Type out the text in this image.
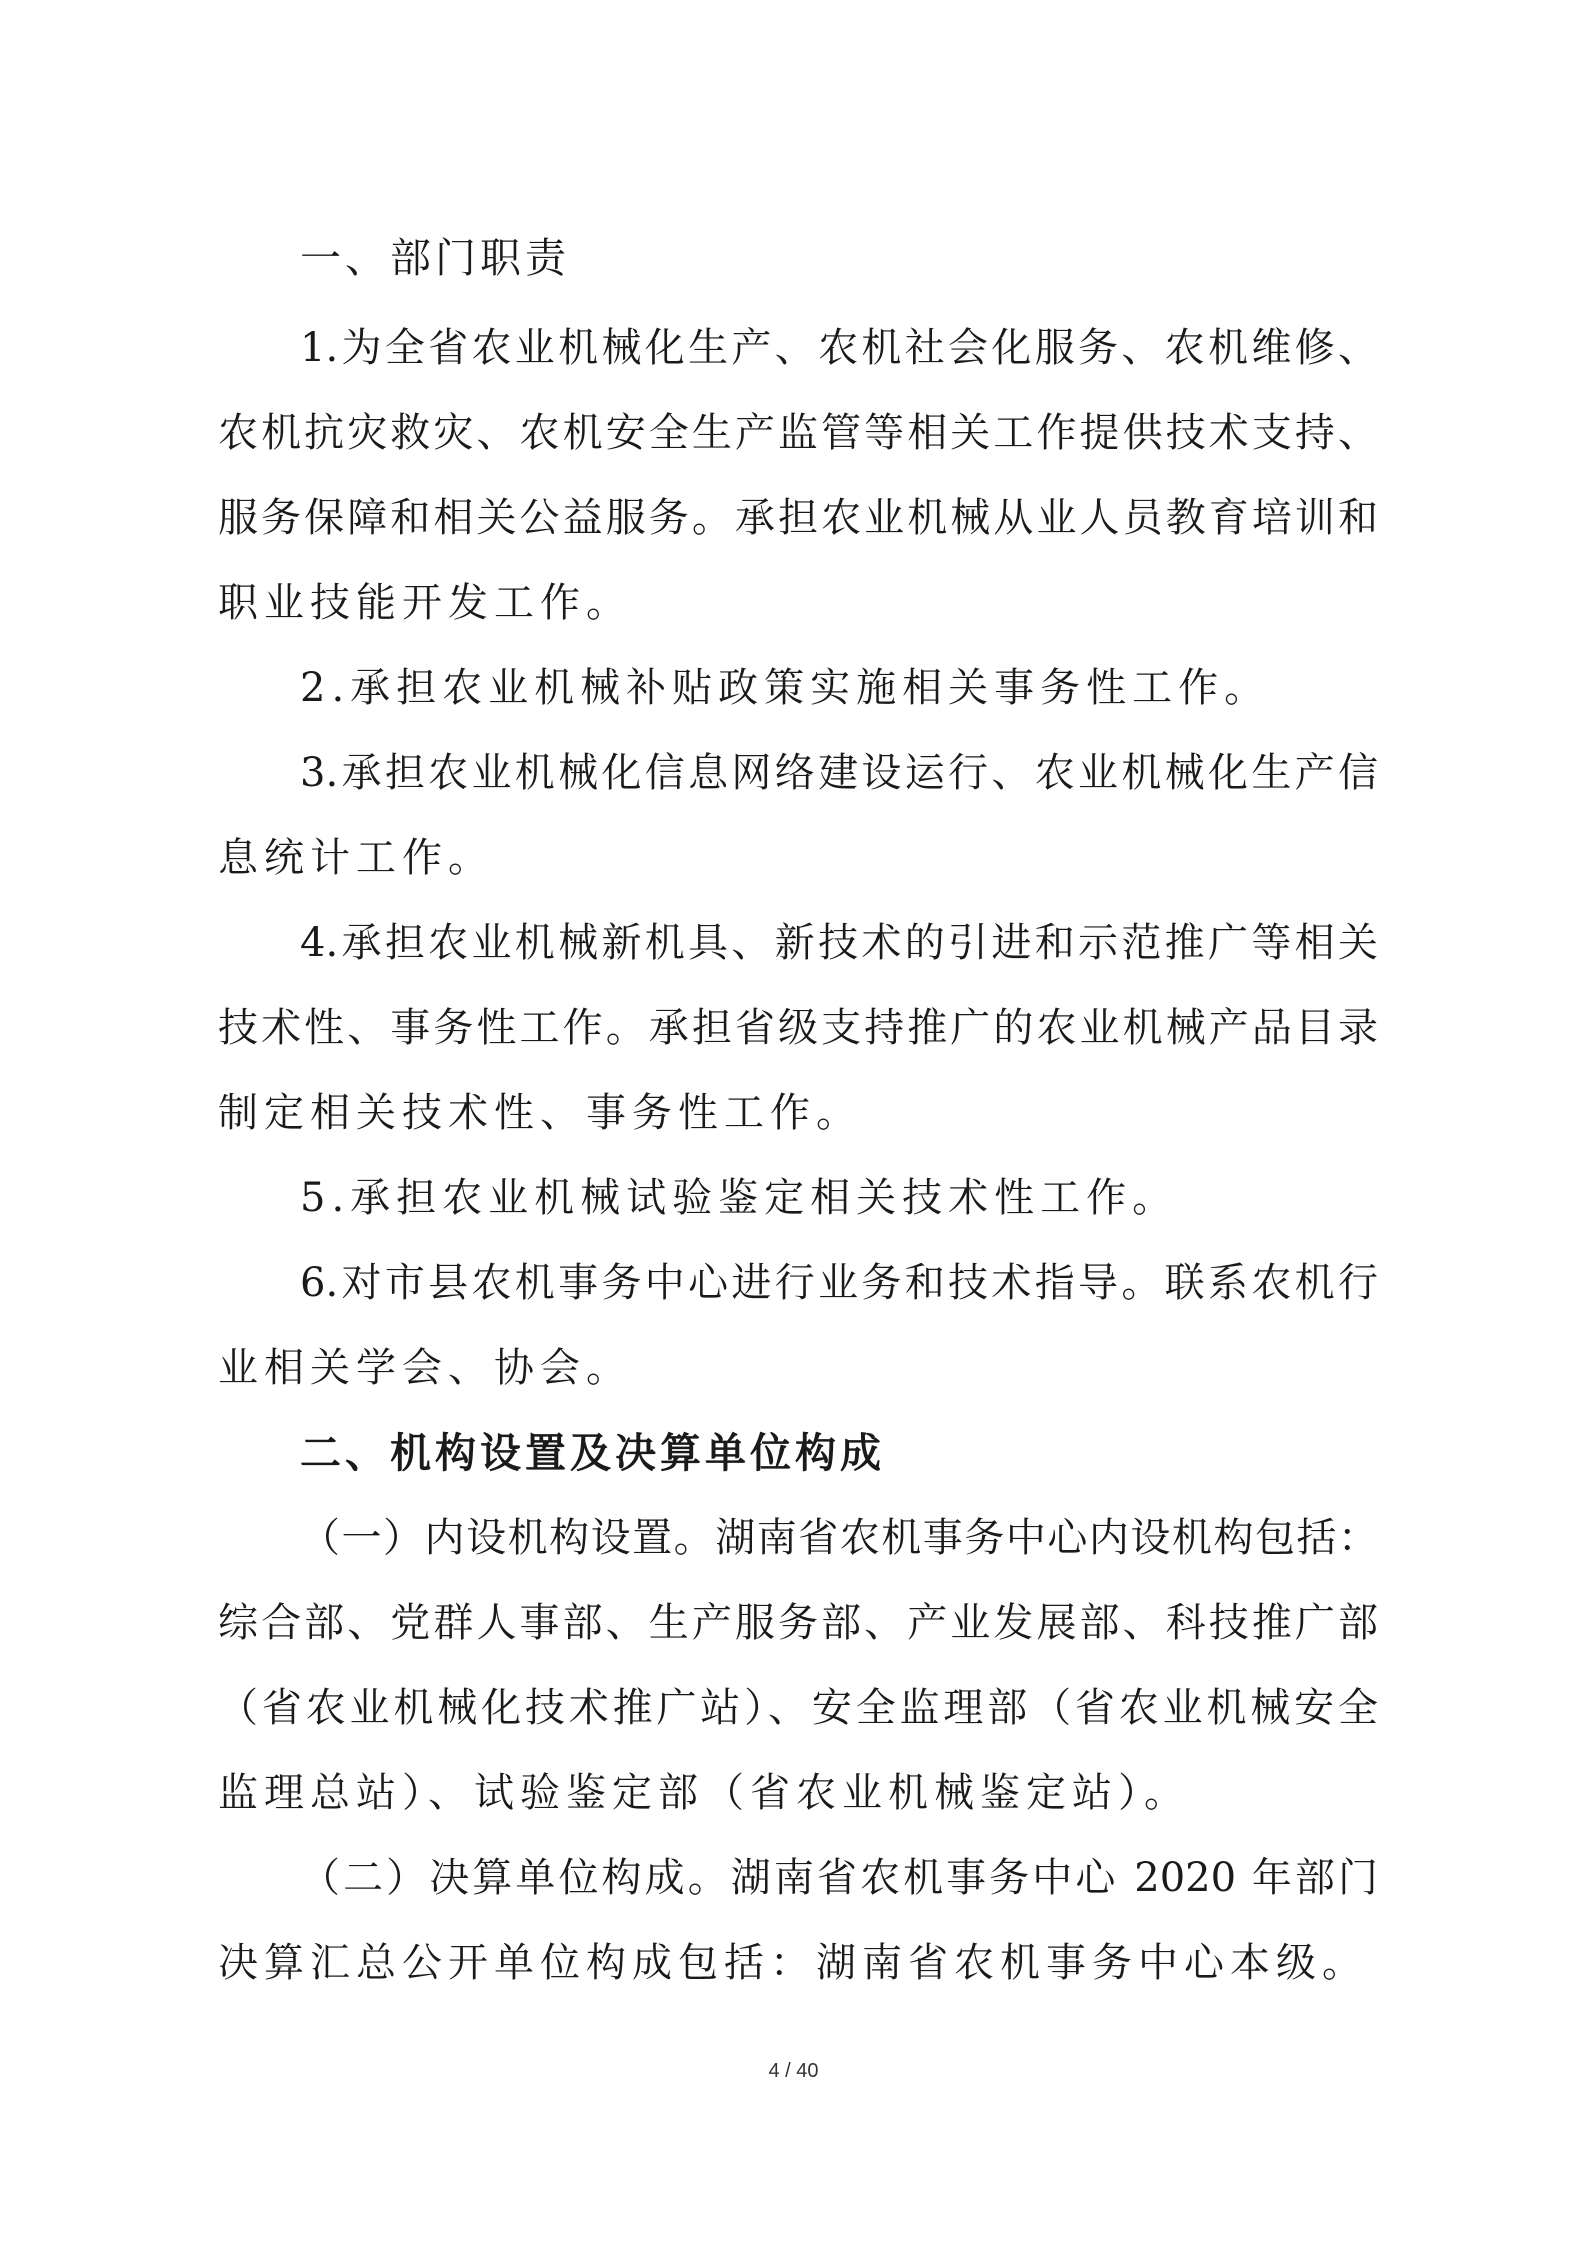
一、部门职责
1.为全省农业机械化生产、农机社会化服务、农机维修、
农机抗灾救灾、农机安全生产监管等相关工作提供技术支持、
服务保障和相关公益服务。承担农业机械从业人员教育培训和
职业技能开发工作。
2.承担农业机械补贴政策实施相关事务性工作。
3.承担农业机械化信息网络建设运行、农业机械化生产信
息统计工作。
4.承担农业机械新机具、新技术的引进和示范推广等相关
技术性、事务性工作。承担省级支持推广的农业机械产品目录
制定相关技术性、事务性工作。
5.承担农业机械试验鉴定相关技术性工作。
6.对市县农机事务中心进行业务和技术指导。联系农机行
业相关学会、协会。
二、机构设置及决算单位构成
（一）内设机构设置。湖南省农机事务中心内设机构包括：
综合部、党群人事部、生产服务部、产业发展部、科技推广部
（省农业机械化技术推广站）、安全监理部（省农业机械安全
监理总站）、试验鉴定部（省农业机械鉴定站）。
（二）决算单位构成。湖南省农机事务中心 2020 年部门
决算汇总公开单位构成包括：湖南省农机事务中心本级。
4 / 40
